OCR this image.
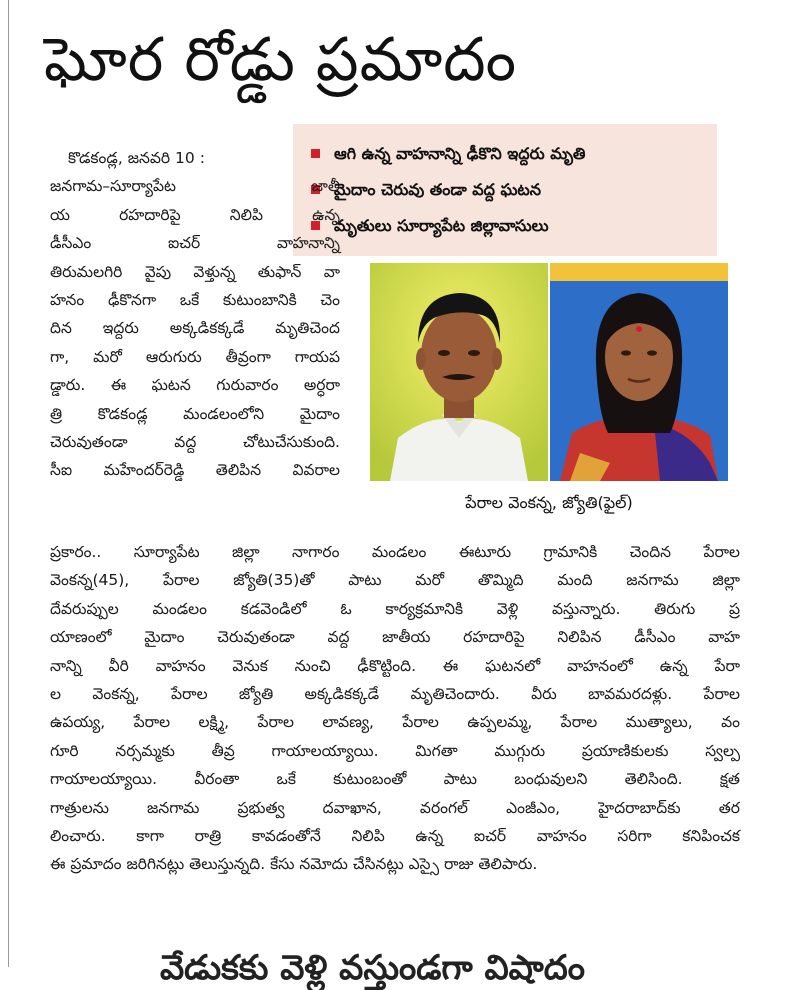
ఘోర రోడ్డు ప్రమాదం
ఆగి ఉన్న వాహనాన్ని ఢీకొని ఇద్దరు మృతి
మైదాం చెరువు తండా వద్ద ఘటన
మృతులు సూర్యాపేట జిల్లావాసులు
పేరాల వెంకన్న, జ్యోతి(ఫైల్)
కొడకండ్ల, జనవరి 10 :
జనగామ–సూర్యాపేట జాతీ
య రహదారిపై నిలిపి ఉన్న
డీసీఎం ఐచర్ వాహనాన్ని
తిరుమలగిరి వైపు వెళ్తున్న తుఫాన్ వా
హనం ఢీకొనగా ఒకే కుటుంబానికి చెం
దిన ఇద్దరు అక్కడికక్కడే మృతిచెంద
గా, మరో ఆరుగురు తీవ్రంగా గాయప
డ్డారు. ఈ ఘటన గురువారం అర్ధరా
త్రి కొడకండ్ల మండలంలోని మైదాం
చెరువుతండా వద్ద చోటుచేసుకుంది.
సీఐ మహేందర్‌రెడ్డి తెలిపిన వివరాల
ప్రకారం.. సూర్యాపేట జిల్లా నాగారం మండలం ఈటూరు గ్రామానికి చెందిన పేరాల
వెంకన్న(45), పేరాల జ్యోతి(35)తో పాటు మరో తొమ్మిది మంది జనగామ జిల్లా
దేవరుప్పుల మండలం కడవెండిలో ఓ కార్యక్రమానికి వెళ్లి వస్తున్నారు. తిరుగు ప్ర
యాణంలో మైదాం చెరువుతండా వద్ద జాతీయ రహదారిపై నిలిపిన డీసీఎం వాహ
నాన్ని వీరి వాహనం వెనుక నుంచి ఢీకొట్టింది. ఈ ఘటనలో వాహనంలో ఉన్న పేరా
ల వెంకన్న, పేరాల జ్యోతి అక్కడికక్కడే మృతిచెందారు. వీరు బావమరదళ్లు. పేరాల
ఉపయ్య, పేరాల లక్ష్మి, పేరాల లావణ్య, పేరాల ఉప్పలమ్మ, పేరాల ముత్యాలు, వం
గూరి నర్సమ్మకు తీవ్ర గాయాలయ్యాయి. మిగతా ముగ్గురు ప్రయాణికులకు స్వల్ప
గాయాలయ్యాయి. వీరంతా ఒకే కుటుంబంతో పాటు బంధువులని తెలిసింది. క్షత
గాత్రులను జనగామ ప్రభుత్వ దవాఖాన, వరంగల్ ఎంజీఎం, హైదరాబాద్‌కు తర
లించారు. కాగా రాత్రి కావడంతోనే నిలిపి ఉన్న ఐచర్ వాహనం సరిగా కనిపించక
ఈ ప్రమాదం జరిగినట్లు తెలుస్తున్నది. కేసు నమోదు చేసినట్లు ఎస్సై రాజు తెలిపారు.
వేడుకకు వెళ్లి వస్తుండగా విషాదం
